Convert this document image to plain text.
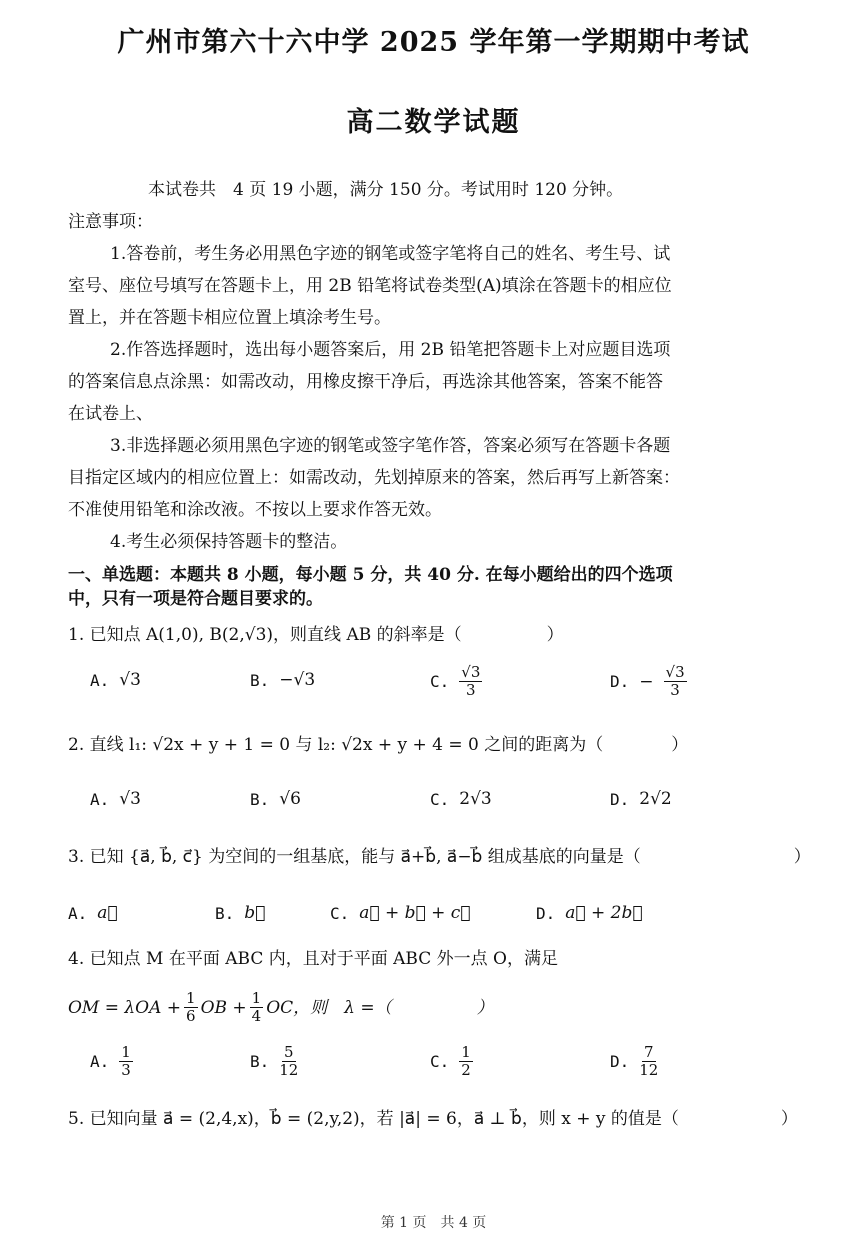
广州市第六十六中学 2025 学年第一学期期中考试
高二数学试题
本试卷共　4 页 19 小题，满分 150 分。考试用时 120 分钟。
注意事项：
1.答卷前，考生务必用黑色字迹的钢笔或签字笔将自己的姓名、考生号、试
室号、座位号填写在答题卡上，用 2B 铅笔将试卷类型(A)填涂在答题卡的相应位
置上，并在答题卡相应位置上填涂考生号。
2.作答选择题时，选出每小题答案后，用 2B 铅笔把答题卡上对应题目选项
的答案信息点涂黑：如需改动，用橡皮擦干净后，再选涂其他答案，答案不能答
在试卷上、
3.非选择题必须用黑色字迹的钢笔或签字笔作答，答案必须写在答题卡各题
目指定区域内的相应位置上：如需改动，先划掉原来的答案，然后再写上新答案：
不准使用铅笔和涂改液。不按以上要求作答无效。
4.考生必须保持答题卡的整洁。
一、单选题：本题共 8 小题，每小题 5 分，共 40 分. 在每小题给出的四个选项
中，只有一项是符合题目要求的。
1. 已知点 A(1,0), B(2,√3)，则直线 AB 的斜率是（　　　　　）
A. √3	B. −√3	C. $\frac{√3}{3}$	D. − $\frac{√3}{3}$
2. 直线 l₁: √2x + y + 1 = 0 与 l₂: √2x + y + 4 = 0 之间的距离为（　　　　）
A. √3	B. √6	C. 2√3	D. 2√2
3. 已知 {a⃗, b⃗, c⃗} 为空间的一组基底，能与 a⃗+b⃗, a⃗−b⃗ 组成基底的向量是（　　　　　　　　　）
A. a⃗	B. b⃗	C. a⃗ + b⃗ + c⃗	D. a⃗ + 2b⃗
4. 已知点 M 在平面 ABC 内，且对于平面 ABC 外一点 O，满足
OM = $\lambda OA + \frac{1}{6}$ OB + $\frac{1}{4}$ OC，则　λ =（　　　　　）
A. $\frac{1}{3}$	B. $\frac{5}{12}$	C. $\frac{1}{2}$	D. $\frac{7}{12}$
5. 已知向量 a⃗ = (2,4,x)，b⃗ = (2,y,2)，若 |a⃗| = 6，a⃗ ⊥ b⃗，则 x + y 的值是（　　　　　　）
第 1 页　共 4 页
